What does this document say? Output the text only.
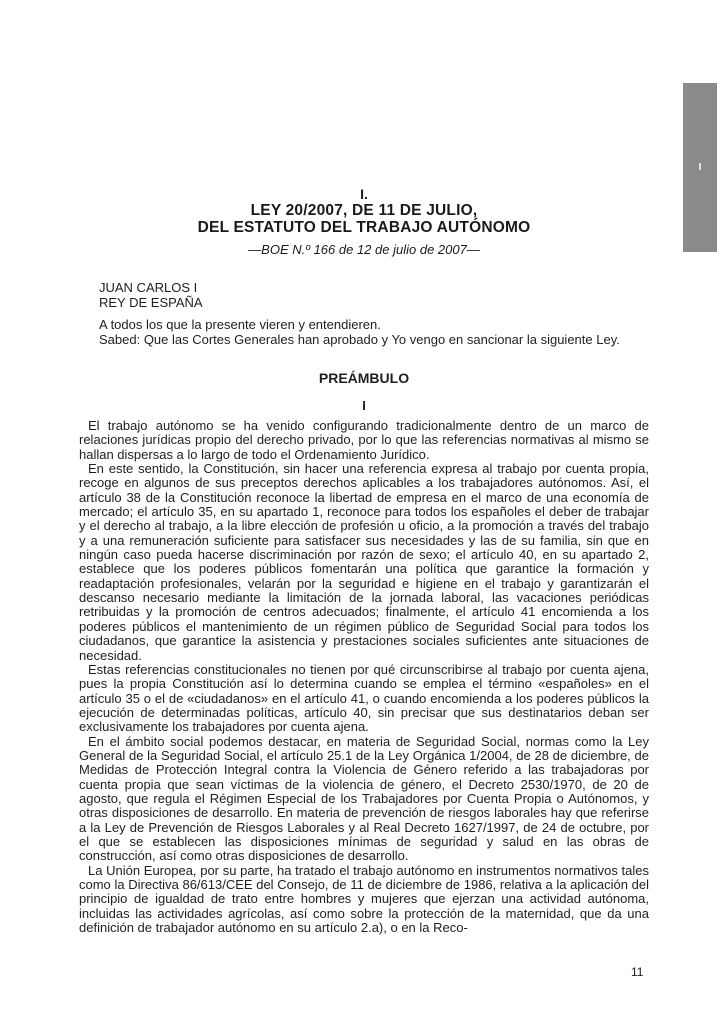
I
I.
LEY 20/2007, DE 11 DE JULIO,
DEL ESTATUTO DEL TRABAJO AUTÓNOMO
—BOE N.º 166 de 12 de julio de 2007—

JUAN CARLOS I

REY DE ESPAÑA

A todos los que la presente vieren y entendieren.

Sabed: Que las Cortes Generales han aprobado y Yo vengo en sancionar la siguiente Ley.

PREÁMBULO
I

El trabajo autónomo se ha venido configurando tradicionalmente dentro de un marco de relaciones jurídicas propio del derecho privado, por lo que las referencias normativas al mismo se hallan dispersas a lo largo de todo el Ordenamiento Jurídico.

En este sentido, la Constitución, sin hacer una referencia expresa al trabajo por cuenta propia, recoge en algunos de sus preceptos derechos aplicables a los trabajadores autónomos. Así, el artículo 38 de la Constitución reconoce la libertad de empresa en el marco de una economía de mercado; el artículo 35, en su apartado 1, reconoce para todos los españoles el deber de trabajar y el derecho al trabajo, a la libre elección de profesión u oficio, a la promoción a través del trabajo y a una remuneración suficiente para satisfacer sus necesidades y las de su familia, sin que en ningún caso pueda hacerse discriminación por razón de sexo; el artículo 40, en su apartado 2, establece que los poderes públicos fomentarán una política que garantice la formación y readaptación profesionales, velarán por la seguridad e higiene en el trabajo y garantizarán el descanso necesario mediante la limitación de la jornada laboral, las vacaciones periódicas retribuidas y la promoción de centros adecuados; finalmente, el artículo 41 encomienda a los poderes públicos el mantenimiento de un régimen público de Seguridad Social para todos los ciudadanos, que garantice la asistencia y prestaciones sociales suficientes ante situaciones de necesidad.

Estas referencias constitucionales no tienen por qué circunscribirse al trabajo por cuenta ajena, pues la propia Constitución así lo determina cuando se emplea el término «españoles» en el artículo 35 o el de «ciudadanos» en el artículo 41, o cuando encomienda a los poderes públicos la ejecución de determinadas políticas, artículo 40, sin precisar que sus destinatarios deban ser exclusivamente los trabajadores por cuenta ajena.

En el ámbito social podemos destacar, en materia de Seguridad Social, normas como la Ley General de la Seguridad Social, el artículo 25.1 de la Ley Orgánica 1/2004, de 28 de diciembre, de Medidas de Protección Integral contra la Violencia de Género referido a las trabajadoras por cuenta propia que sean víctimas de la violencia de género, el Decreto 2530/1970, de 20 de agosto, que regula el Régimen Especial de los Trabajadores por Cuenta Propia o Autónomos, y otras disposiciones de desarrollo. En materia de prevención de riesgos laborales hay que referirse a la Ley de Prevención de Riesgos Laborales y al Real Decreto 1627/1997, de 24 de octubre, por el que se establecen las disposiciones mínimas de seguridad y salud en las obras de construcción, así como otras disposiciones de desarrollo.

La Unión Europea, por su parte, ha tratado el trabajo autónomo en instrumentos normativos tales como la Directiva 86/613/CEE del Consejo, de 11 de diciembre de 1986, relativa a la aplicación del principio de igualdad de trato entre hombres y mujeres que ejerzan una actividad autónoma, incluidas las actividades agrícolas, así como sobre la protección de la maternidad, que da una definición de trabajador autónomo en su artículo 2.a), o en la Reco-

11
